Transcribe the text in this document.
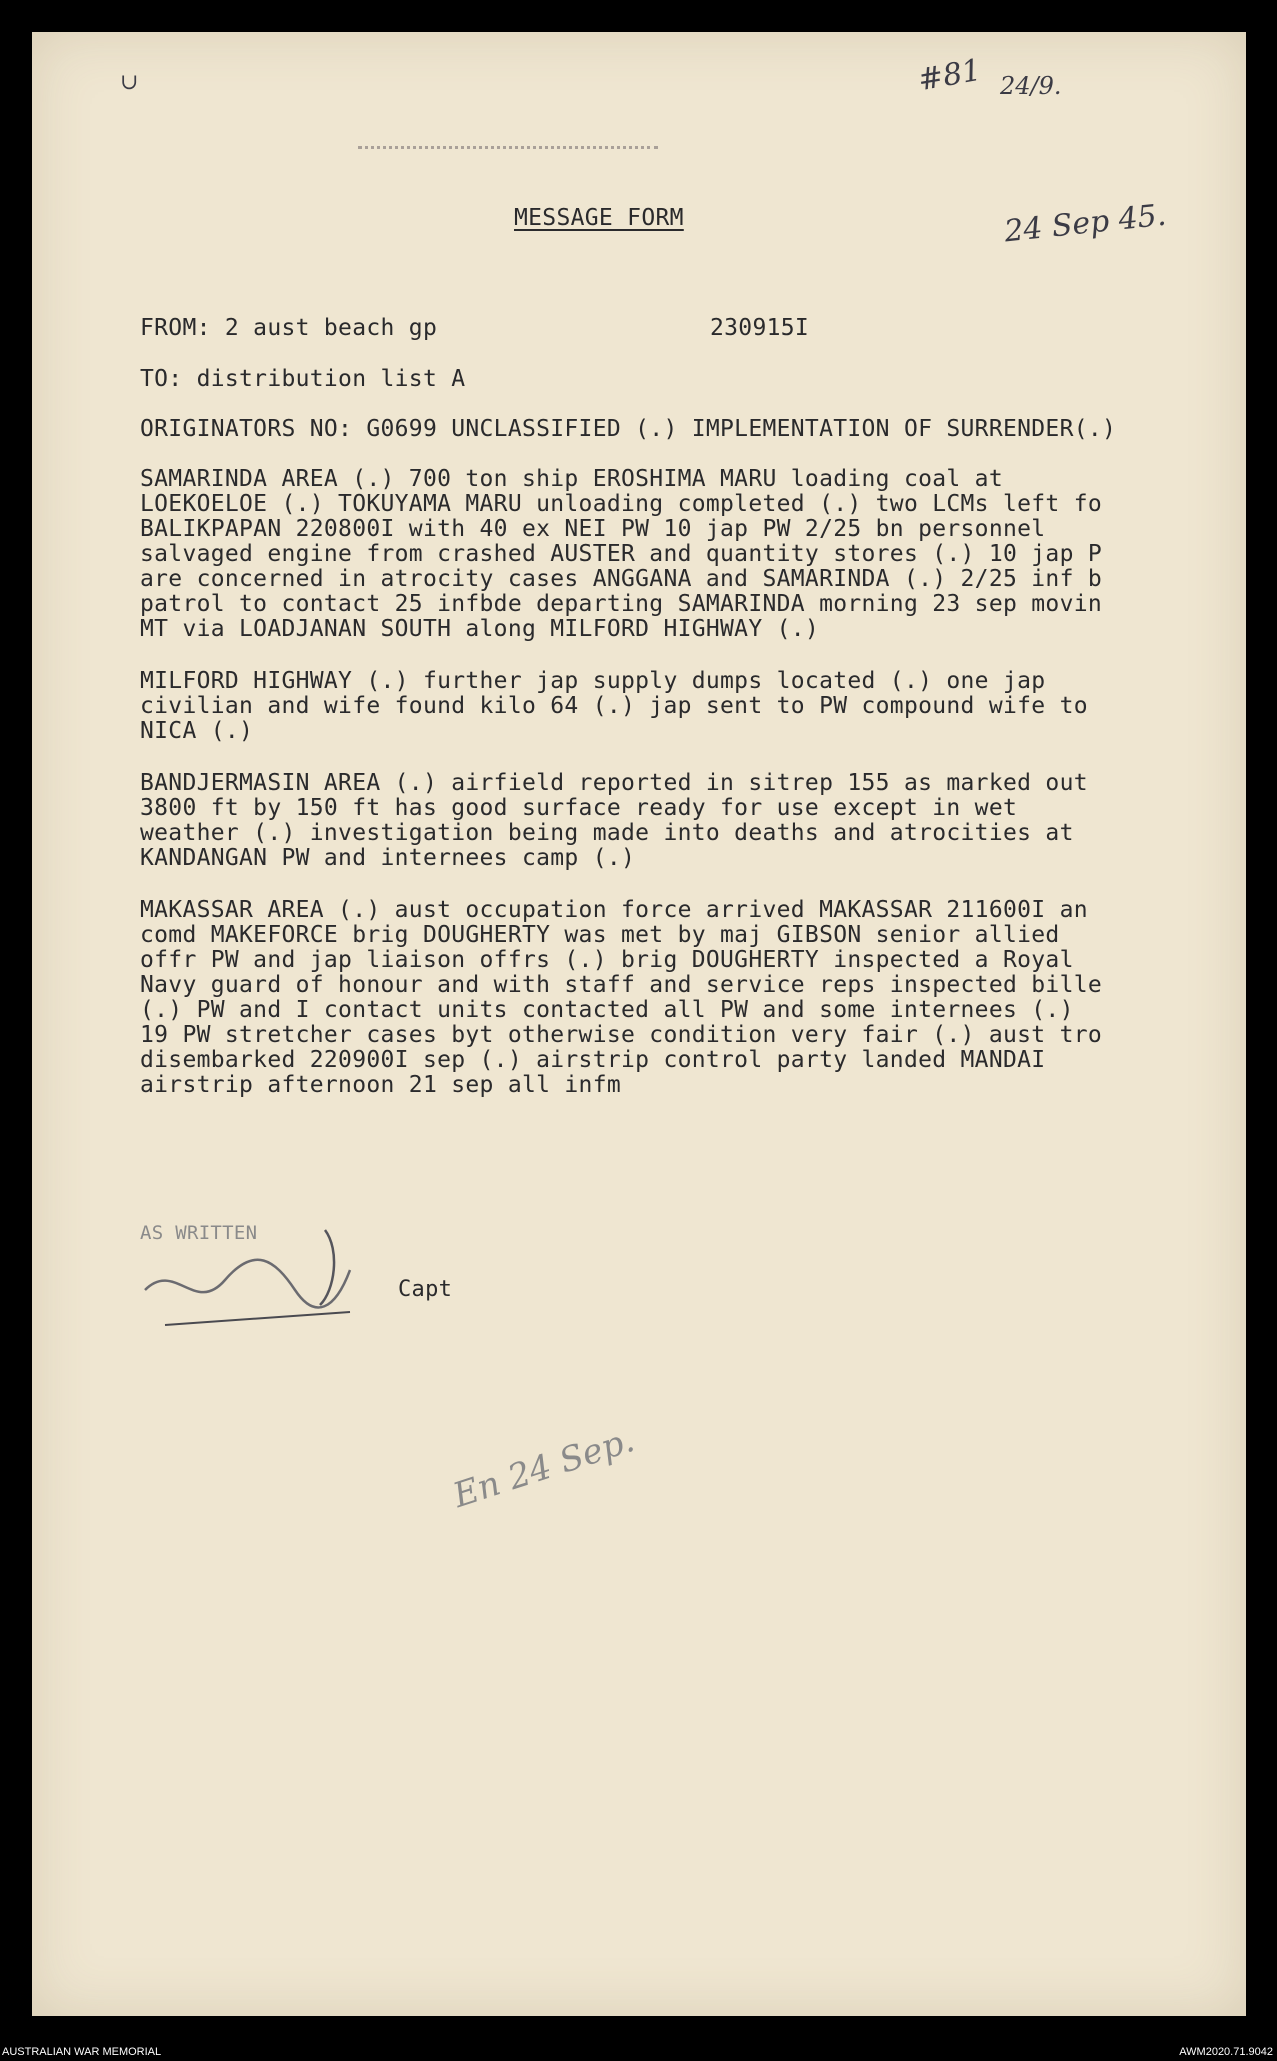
∪	#81 24/9.
24 Sep 45.
MESSAGE FORM
FROM: 2 aust beach gp	230915I
TO: distribution list A
ORIGINATORS NO: G0699 UNCLASSIFIED (.) IMPLEMENTATION OF SURRENDER(.)
SAMARINDA AREA (.) 700 ton ship EROSHIMA MARU loading coal at
LOEKOELOE (.) TOKUYAMA MARU unloading completed (.) two LCMs left fo
BALIKPAPAN 220800I with 40 ex NEI PW 10 jap PW 2/25 bn personnel
salvaged engine from crashed AUSTER and quantity stores (.) 10 jap P
are concerned in atrocity cases ANGGANA and SAMARINDA (.) 2/25 inf b
patrol to contact 25 infbde departing SAMARINDA morning 23 sep movin
MT via LOADJANAN SOUTH along MILFORD HIGHWAY (.)
MILFORD HIGHWAY (.) further jap supply dumps located (.) one jap
civilian and wife found kilo 64 (.) jap sent to PW compound wife to
NICA (.)
BANDJERMASIN AREA (.) airfield reported in sitrep 155 as marked out
3800 ft by 150 ft has good surface ready for use except in wet
weather (.) investigation being made into deaths and atrocities at
KANDANGAN PW and internees camp (.)
MAKASSAR AREA (.) aust occupation force arrived MAKASSAR 211600I an
comd MAKEFORCE brig DOUGHERTY was met by maj GIBSON senior allied
offr PW and jap liaison offrs (.) brig DOUGHERTY inspected a Royal
Navy guard of honour and with staff and service reps inspected bille
(.) PW and I contact units contacted all PW and some internees (.)
19 PW stretcher cases byt otherwise condition very fair (.) aust tro
disembarked 220900I sep (.) airstrip control party landed MANDAI
airstrip afternoon 21 sep all infm
AS WRITTEN
Capt
En 24 Sep.
AUSTRALIAN WAR MEMORIAL	AWM2020.71.9042
